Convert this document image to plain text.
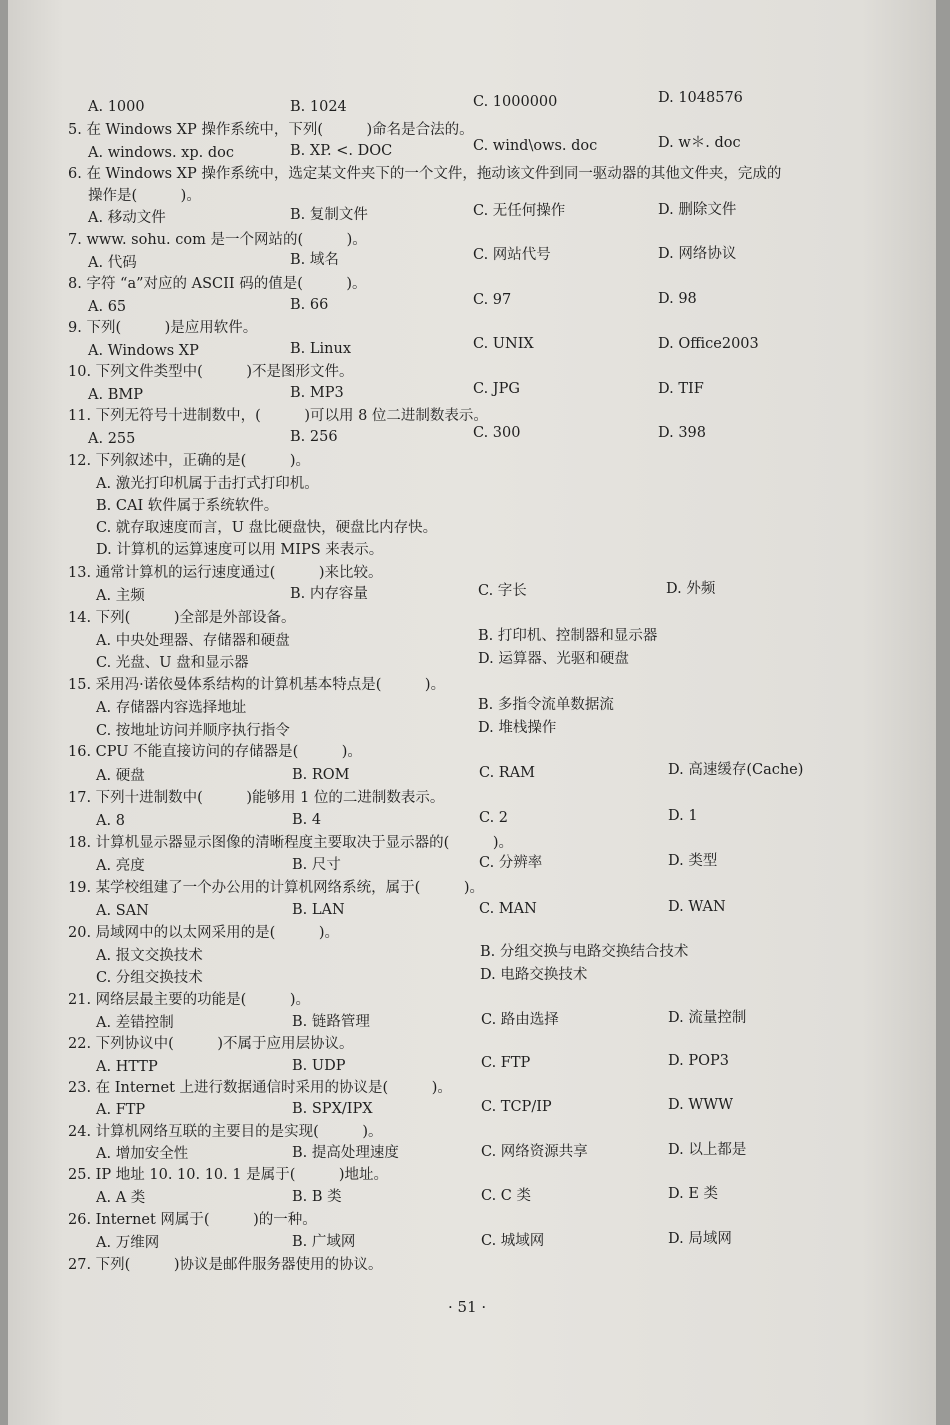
A. 1000	B. 1024	C. 1000000	D. 1048576
5. 在 Windows XP 操作系统中，下列(　　　)命名是合法的。
A. windows. xp. doc	B. XP. <. DOC	C. wind\ows. doc	D. w＊. doc
6. 在 Windows XP 操作系统中，选定某文件夹下的一个文件，拖动该文件到同一驱动器的其他文件夹，完成的
操作是(　　　)。
A. 移动文件	B. 复制文件	C. 无任何操作	D. 删除文件
7. www. sohu. com 是一个网站的(　　　)。
A. 代码	B. 域名	C. 网站代号	D. 网络协议
8. 字符 “a”对应的 ASCII 码的值是(　　　)。
A. 65	B. 66	C. 97	D. 98
9. 下列(　　　)是应用软件。
A. Windows XP	B. Linux	C. UNIX	D. Office2003
10. 下列文件类型中(　　　)不是图形文件。
A. BMP	B. MP3	C. JPG	D. TIF
11. 下列无符号十进制数中，(　　　)可以用 8 位二进制数表示。
A. 255	B. 256	C. 300	D. 398
12. 下列叙述中，正确的是(　　　)。
A. 激光打印机属于击打式打印机。
B. CAI 软件属于系统软件。
C. 就存取速度而言，U 盘比硬盘快，硬盘比内存快。
D. 计算机的运算速度可以用 MIPS 来表示。
13. 通常计算机的运行速度通过(　　　)来比较。
A. 主频	B. 内存容量	C. 字长	D. 外频
14. 下列(　　　)全部是外部设备。
A. 中央处理器、存储器和硬盘	B. 打印机、控制器和显示器
C. 光盘、U 盘和显示器	D. 运算器、光驱和硬盘
15. 采用冯·诺依曼体系结构的计算机基本特点是(　　　)。
A. 存储器内容选择地址	B. 多指令流单数据流
C. 按地址访问并顺序执行指令	D. 堆栈操作
16. CPU 不能直接访问的存储器是(　　　)。
A. 硬盘	B. ROM	C. RAM	D. 高速缓存(Cache)
17. 下列十进制数中(　　　)能够用 1 位的二进制数表示。
A. 8	B. 4	C. 2	D. 1
18. 计算机显示器显示图像的清晰程度主要取决于显示器的(　　　)。
A. 亮度	B. 尺寸	C. 分辨率	D. 类型
19. 某学校组建了一个办公用的计算机网络系统，属于(　　　)。
A. SAN	B. LAN	C. MAN	D. WAN
20. 局域网中的以太网采用的是(　　　)。
A. 报文交换技术	B. 分组交换与电路交换结合技术
C. 分组交换技术	D. 电路交换技术
21. 网络层最主要的功能是(　　　)。
A. 差错控制	B. 链路管理	C. 路由选择	D. 流量控制
22. 下列协议中(　　　)不属于应用层协议。
A. HTTP	B. UDP	C. FTP	D. POP3
23. 在 Internet 上进行数据通信时采用的协议是(　　　)。
A. FTP	B. SPX/IPX	C. TCP/IP	D. WWW
24. 计算机网络互联的主要目的是实现(　　　)。
A. 增加安全性	B. 提高处理速度	C. 网络资源共享	D. 以上都是
25. IP 地址 10. 10. 10. 1 是属于(　　　)地址。
A. A 类	B. B 类	C. C 类	D. E 类
26. Internet 网属于(　　　)的一种。
A. 万维网	B. 广域网	C. 城域网	D. 局域网
27. 下列(　　　)协议是邮件服务器使用的协议。
· 51 ·
